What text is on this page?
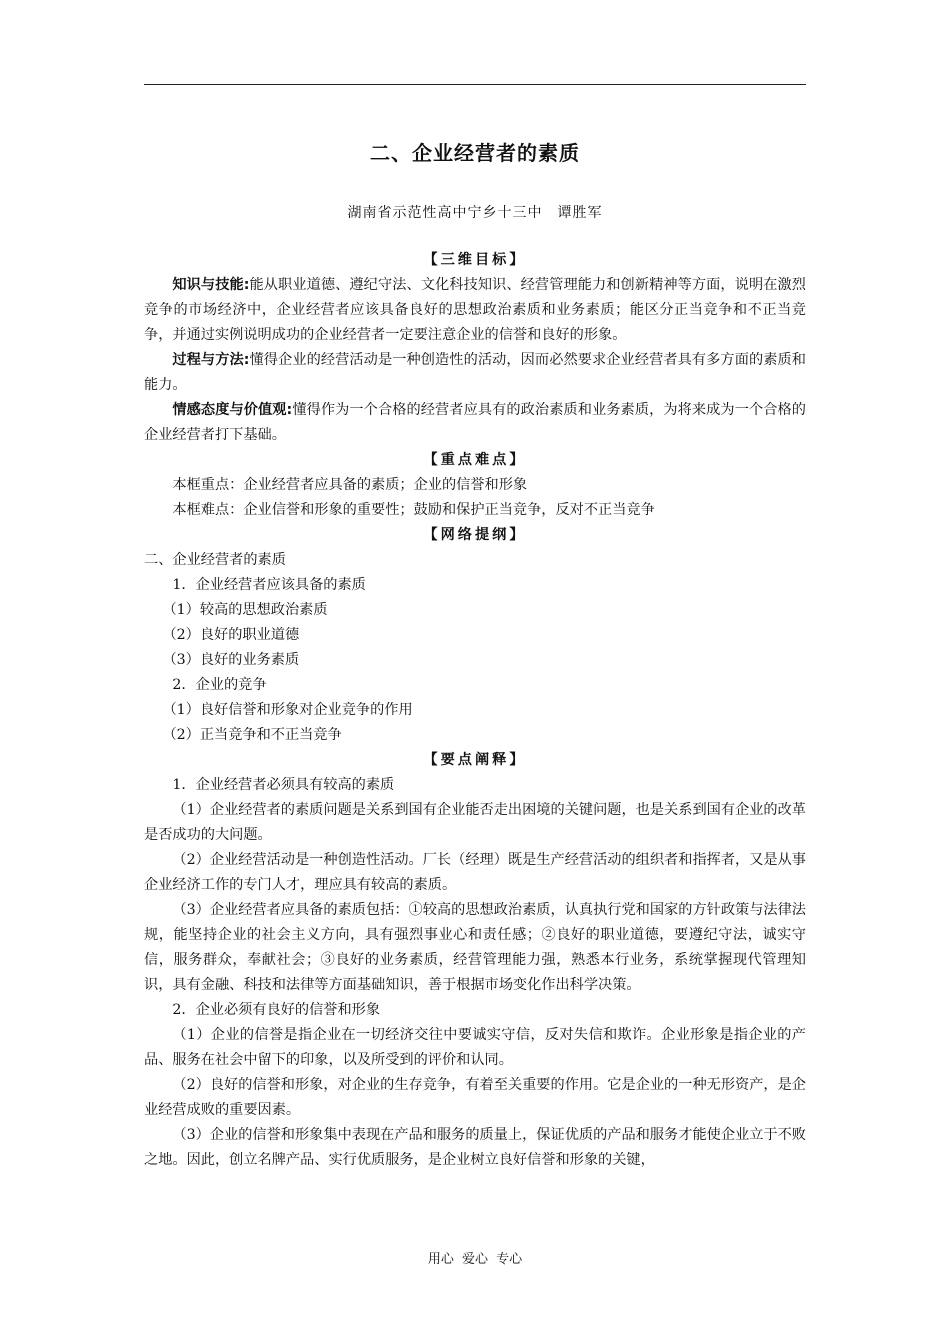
二、企业经营者的素质
湖南省示范性高中宁乡十三中　谭胜军

【三维目标】

知识与技能:能从职业道德、遵纪守法、文化科技知识、经营管理能力和创新精神等方面，说明在激烈竞争的市场经济中，企业经营者应该具备良好的思想政治素质和业务素质；能区分正当竞争和不正当竞争，并通过实例说明成功的企业经营者一定要注意企业的信誉和良好的形象。

过程与方法:懂得企业的经营活动是一种创造性的活动，因而必然要求企业经营者具有多方面的素质和能力。

情感态度与价值观:懂得作为一个合格的经营者应具有的政治素质和业务素质，为将来成为一个合格的企业经营者打下基础。

【重点难点】

本框重点：企业经营者应具备的素质；企业的信誉和形象

本框难点：企业信誉和形象的重要性；鼓励和保护正当竞争，反对不正当竞争

【网络提纲】

二、企业经营者的素质

1．企业经营者应该具备的素质

（1）较高的思想政治素质

（2）良好的职业道德

（3）良好的业务素质

2．企业的竞争

（1）良好信誉和形象对企业竞争的作用

（2）正当竞争和不正当竞争

【要点阐释】

1．企业经营者必须具有较高的素质

（1）企业经营者的素质问题是关系到国有企业能否走出困境的关键问题，也是关系到国有企业的改革是否成功的大问题。

（2）企业经营活动是一种创造性活动。厂长（经理）既是生产经营活动的组织者和指挥者，又是从事企业经济工作的专门人才，理应具有较高的素质。

（3）企业经营者应具备的素质包括：①较高的思想政治素质，认真执行党和国家的方针政策与法律法规，能坚持企业的社会主义方向，具有强烈事业心和责任感；②良好的职业道德，要遵纪守法，诚实守信，服务群众，奉献社会；③良好的业务素质，经营管理能力强，熟悉本行业务，系统掌握现代管理知识，具有金融、科技和法律等方面基础知识，善于根据市场变化作出科学决策。

2．企业必须有良好的信誉和形象

（1）企业的信誉是指企业在一切经济交往中要诚实守信，反对失信和欺诈。企业形象是指企业的产品、服务在社会中留下的印象，以及所受到的评价和认同。

（2）良好的信誉和形象，对企业的生存竞争，有着至关重要的作用。它是企业的一种无形资产，是企业经营成败的重要因素。

（3）企业的信誉和形象集中表现在产品和服务的质量上，保证优质的产品和服务才能使企业立于不败之地。因此，创立名牌产品、实行优质服务，是企业树立良好信誉和形象的关键，

用心 爱心 专心
